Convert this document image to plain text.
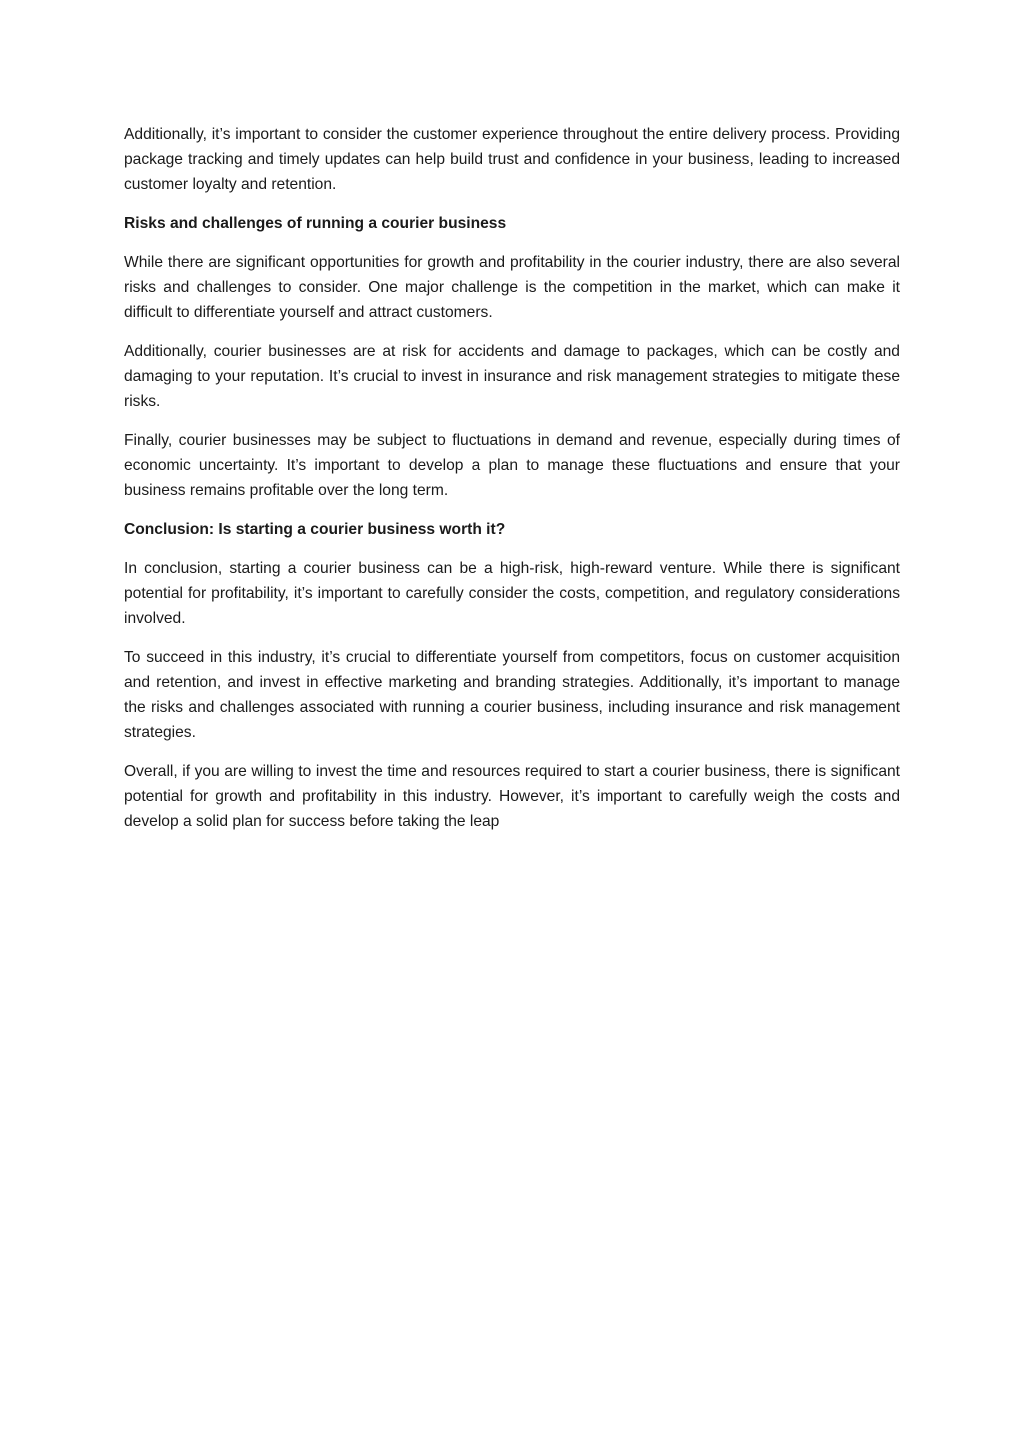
Additionally, it’s important to consider the customer experience throughout the entire delivery process. Providing package tracking and timely updates can help build trust and confidence in your business, leading to increased customer loyalty and retention.

Risks and challenges of running a courier business

While there are significant opportunities for growth and profitability in the courier industry, there are also several risks and challenges to consider. One major challenge is the competition in the market, which can make it difficult to differentiate yourself and attract customers.

Additionally, courier businesses are at risk for accidents and damage to packages, which can be costly and damaging to your reputation. It’s crucial to invest in insurance and risk management strategies to mitigate these risks.

Finally, courier businesses may be subject to fluctuations in demand and revenue, especially during times of economic uncertainty. It’s important to develop a plan to manage these fluctuations and ensure that your business remains profitable over the long term.

Conclusion: Is starting a courier business worth it?

In conclusion, starting a courier business can be a high-risk, high-reward venture. While there is significant potential for profitability, it’s important to carefully consider the costs, competition, and regulatory considerations involved.

To succeed in this industry, it’s crucial to differentiate yourself from competitors, focus on customer acquisition and retention, and invest in effective marketing and branding strategies. Additionally, it’s important to manage the risks and challenges associated with running a courier business, including insurance and risk management strategies.

Overall, if you are willing to invest the time and resources required to start a courier business, there is significant potential for growth and profitability in this industry. However, it’s important to carefully weigh the costs and develop a solid plan for success before taking the leap
